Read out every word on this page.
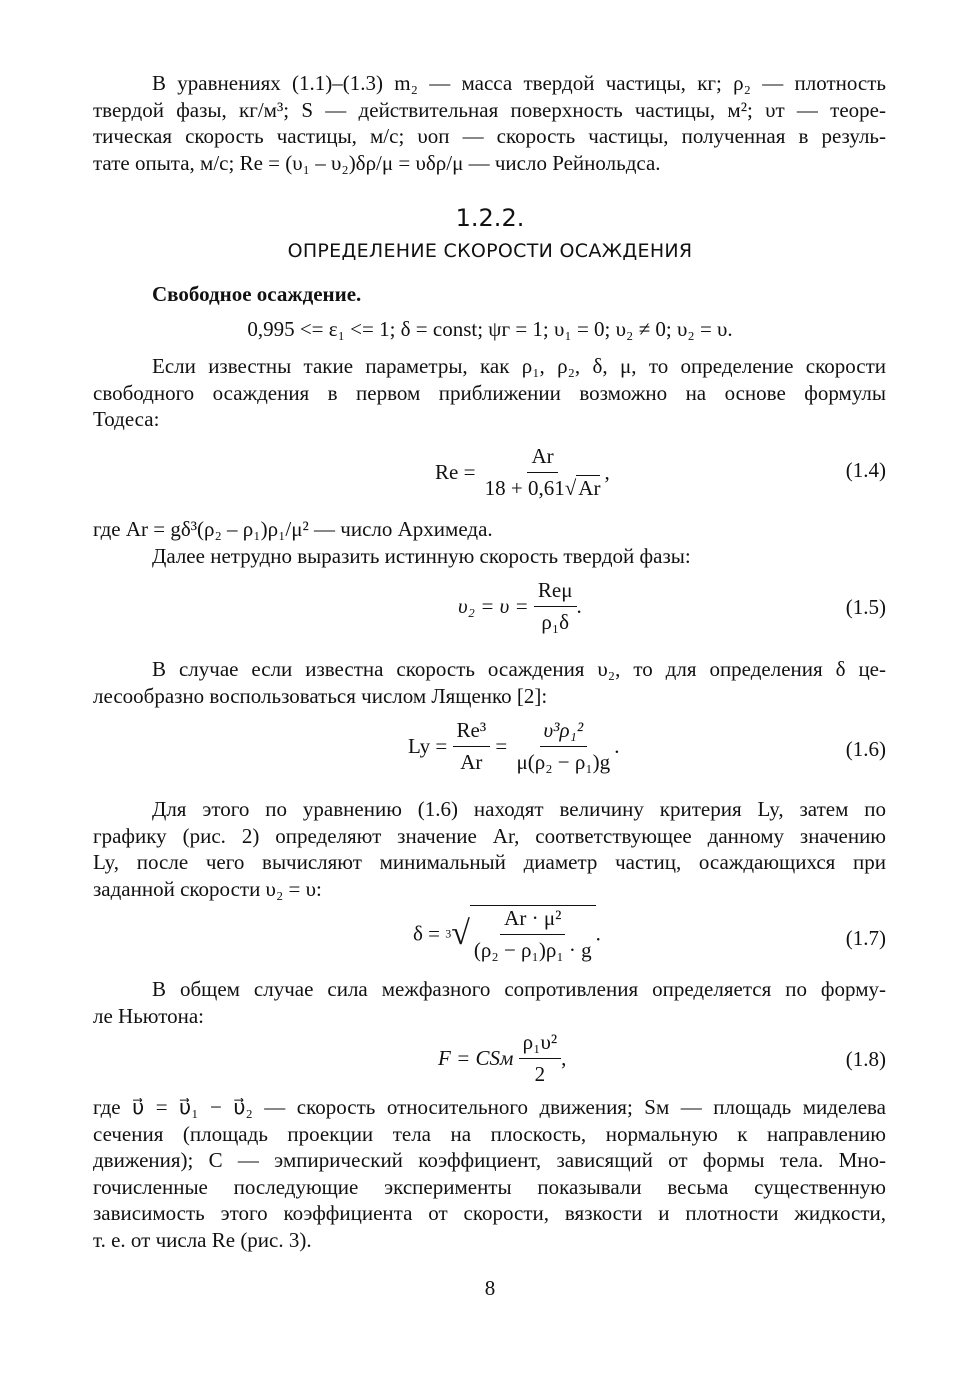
В уравнениях (1.1)–(1.3) m₂ — масса твердой частицы, кг; ρ₂ — плотность
твердой фазы, кг/м³; S — действительная поверхность частицы, м²; υт — теоре-
тическая скорость частицы, м/с; υоп — скорость частицы, полученная в резуль-
тате опыта, м/с; Re = (υ₁ – υ₂)δρ/μ = υδρ/μ — число Рейнольдса.
1.2.2.
ОПРЕДЕЛЕНИЕ СКОРОСТИ ОСАЖДЕНИЯ
Свободное осаждение.
0,995 <= ε₁ <= 1; δ = const; ψг = 1; υ₁ = 0; υ₂ ≠ 0; υ₂ = υ.
Если известны такие параметры, как ρ₁, ρ₂, δ, μ, то определение скорости
свободного осаждения в первом приближении возможно на основе формулы
Тодеса:
$Re = \frac{Ar}{18 + 0,61√Ar}$ ,	(1.4)
где Ar = gδ³(ρ₂ – ρ₁)ρ₁/μ² — число Архимеда.
Далее нетрудно выразить истинную скорость твердой фазы:
$\upsilon_2 = \upsilon = \frac{\text{Reμ}}{\text{ρ₁δ}}$ .	(1.5)
В случае если известна скорость осаждения υ₂, то для определения δ це-
лесообразно воспользоваться числом Лященко [2]:
$Ly = \frac{\text{Re³}}{Ar} = \frac{\text{υ³ρ₁²}}{\text{μ(ρ₂ − ρ₁)g}}$ .	(1.6)
Для этого по уравнению (1.6) находят величину критерия Ly, затем по
графику (рис. 2) определяют значение Ar, соответствующее данному значению
Ly, после чего вычисляют минимальный диаметр частиц, осаждающихся при
заданной скорости υ₂ = υ:
$\delta = 3√ \frac{\text{Ar · μ²}}{\text{(ρ₂ − ρ₁)ρ₁ · g}}$ .	(1.7)
В общем случае сила межфазного сопротивления определяется по форму-
ле Ньютона:
F = CSм $\frac{\text{ρ₁υ²}}{2}$ ,	(1.8)
где υ⃗ = υ⃗₁ − υ⃗₂ — скорость относительного движения; Sм — площадь миделева
сечения (площадь проекции тела на плоскость, нормальную к направлению
движения); C — эмпирический коэффициент, зависящий от формы тела. Мно-
гочисленные последующие эксперименты показывали весьма существенную
зависимость этого коэффициента от скорости, вязкости и плотности жидкости,
т. е. от числа Re (рис. 3).
8
